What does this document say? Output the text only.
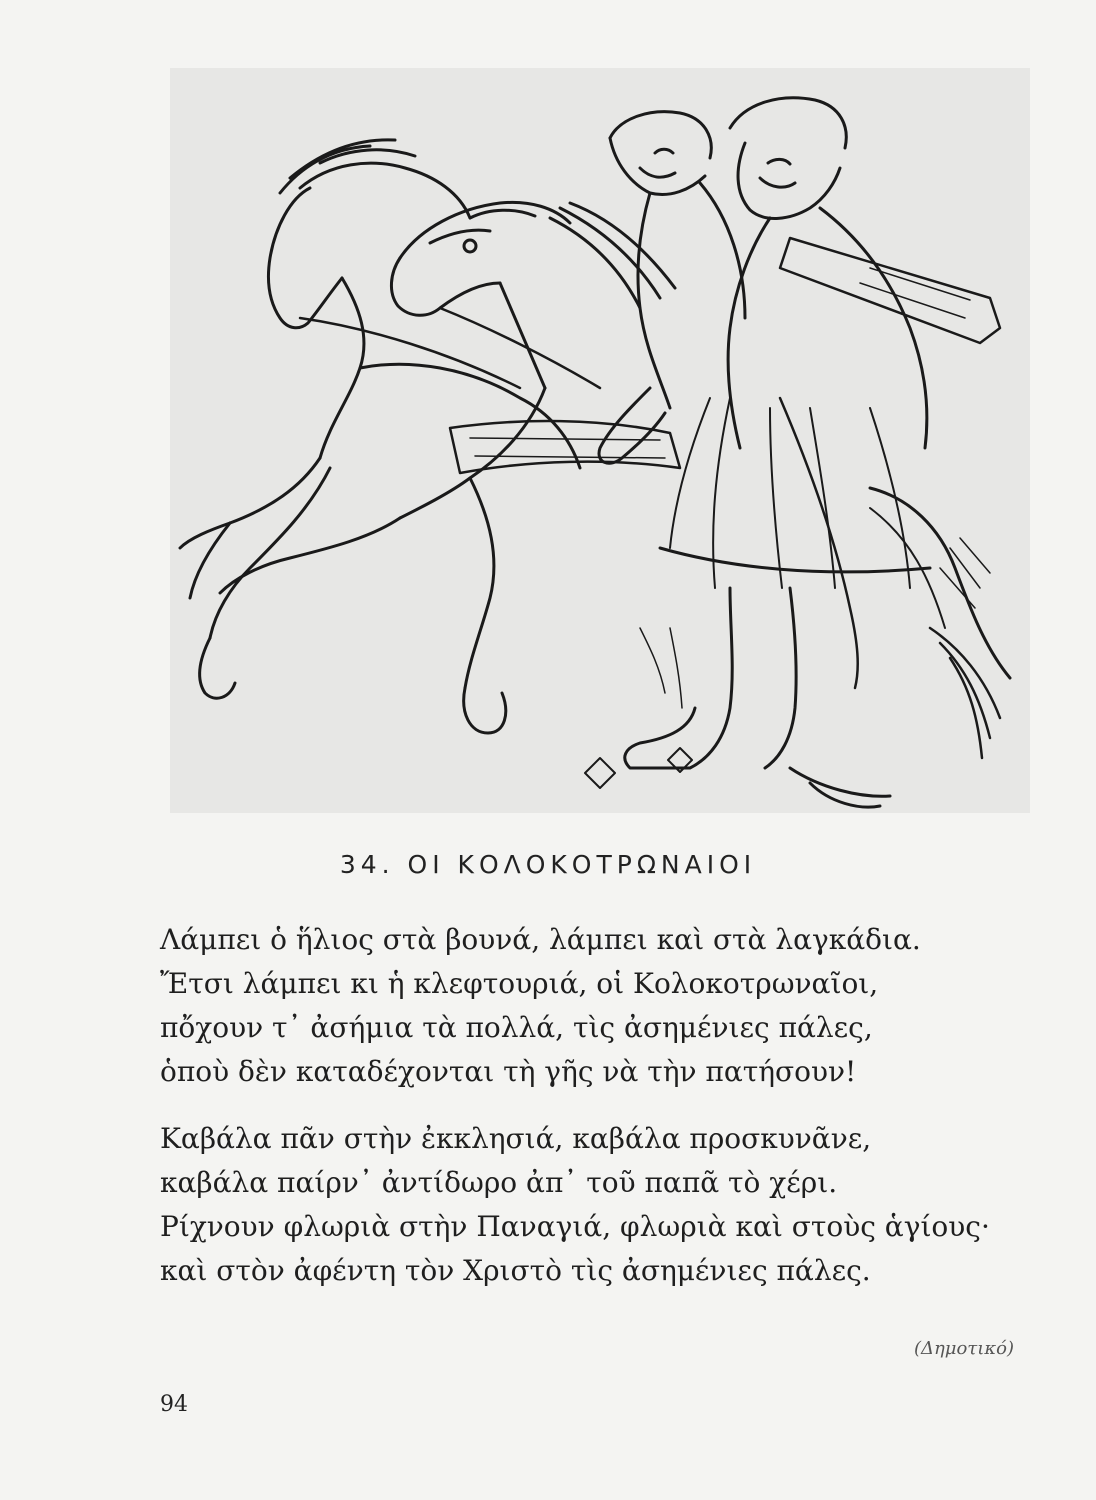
34. ΟΙ ΚΟΛΟΚΟΤΡΩΝΑΙΟΙ
Λάμπει ὁ ἥλιος στὰ βουνά, λάμπει καὶ στὰ λαγκάδια.
Ἔτσι λάμπει κι ἡ κλεφτουριά, οἱ Κολοκοτρωναῖοι,
πὄχουν τ᾽ ἀσήμια τὰ πολλά, τὶς ἀσημένιες πάλες,
ὁποὺ δὲν καταδέχονται τὴ γῆς νὰ τὴν πατήσουν!
Καβάλα πᾶν στὴν ἐκκλησιά, καβάλα προσκυνᾶνε,
καβάλα παίρν᾽ ἀντίδωρο ἀπ᾽ τοῦ παπᾶ τὸ χέρι.
Ρίχνουν φλωριὰ στὴν Παναγιά, φλωριὰ καὶ στοὺς ἁγίους·
καὶ στὸν ἀφέντη τὸν Χριστὸ τὶς ἀσημένιες πάλες.
(Δημοτικό)
94
